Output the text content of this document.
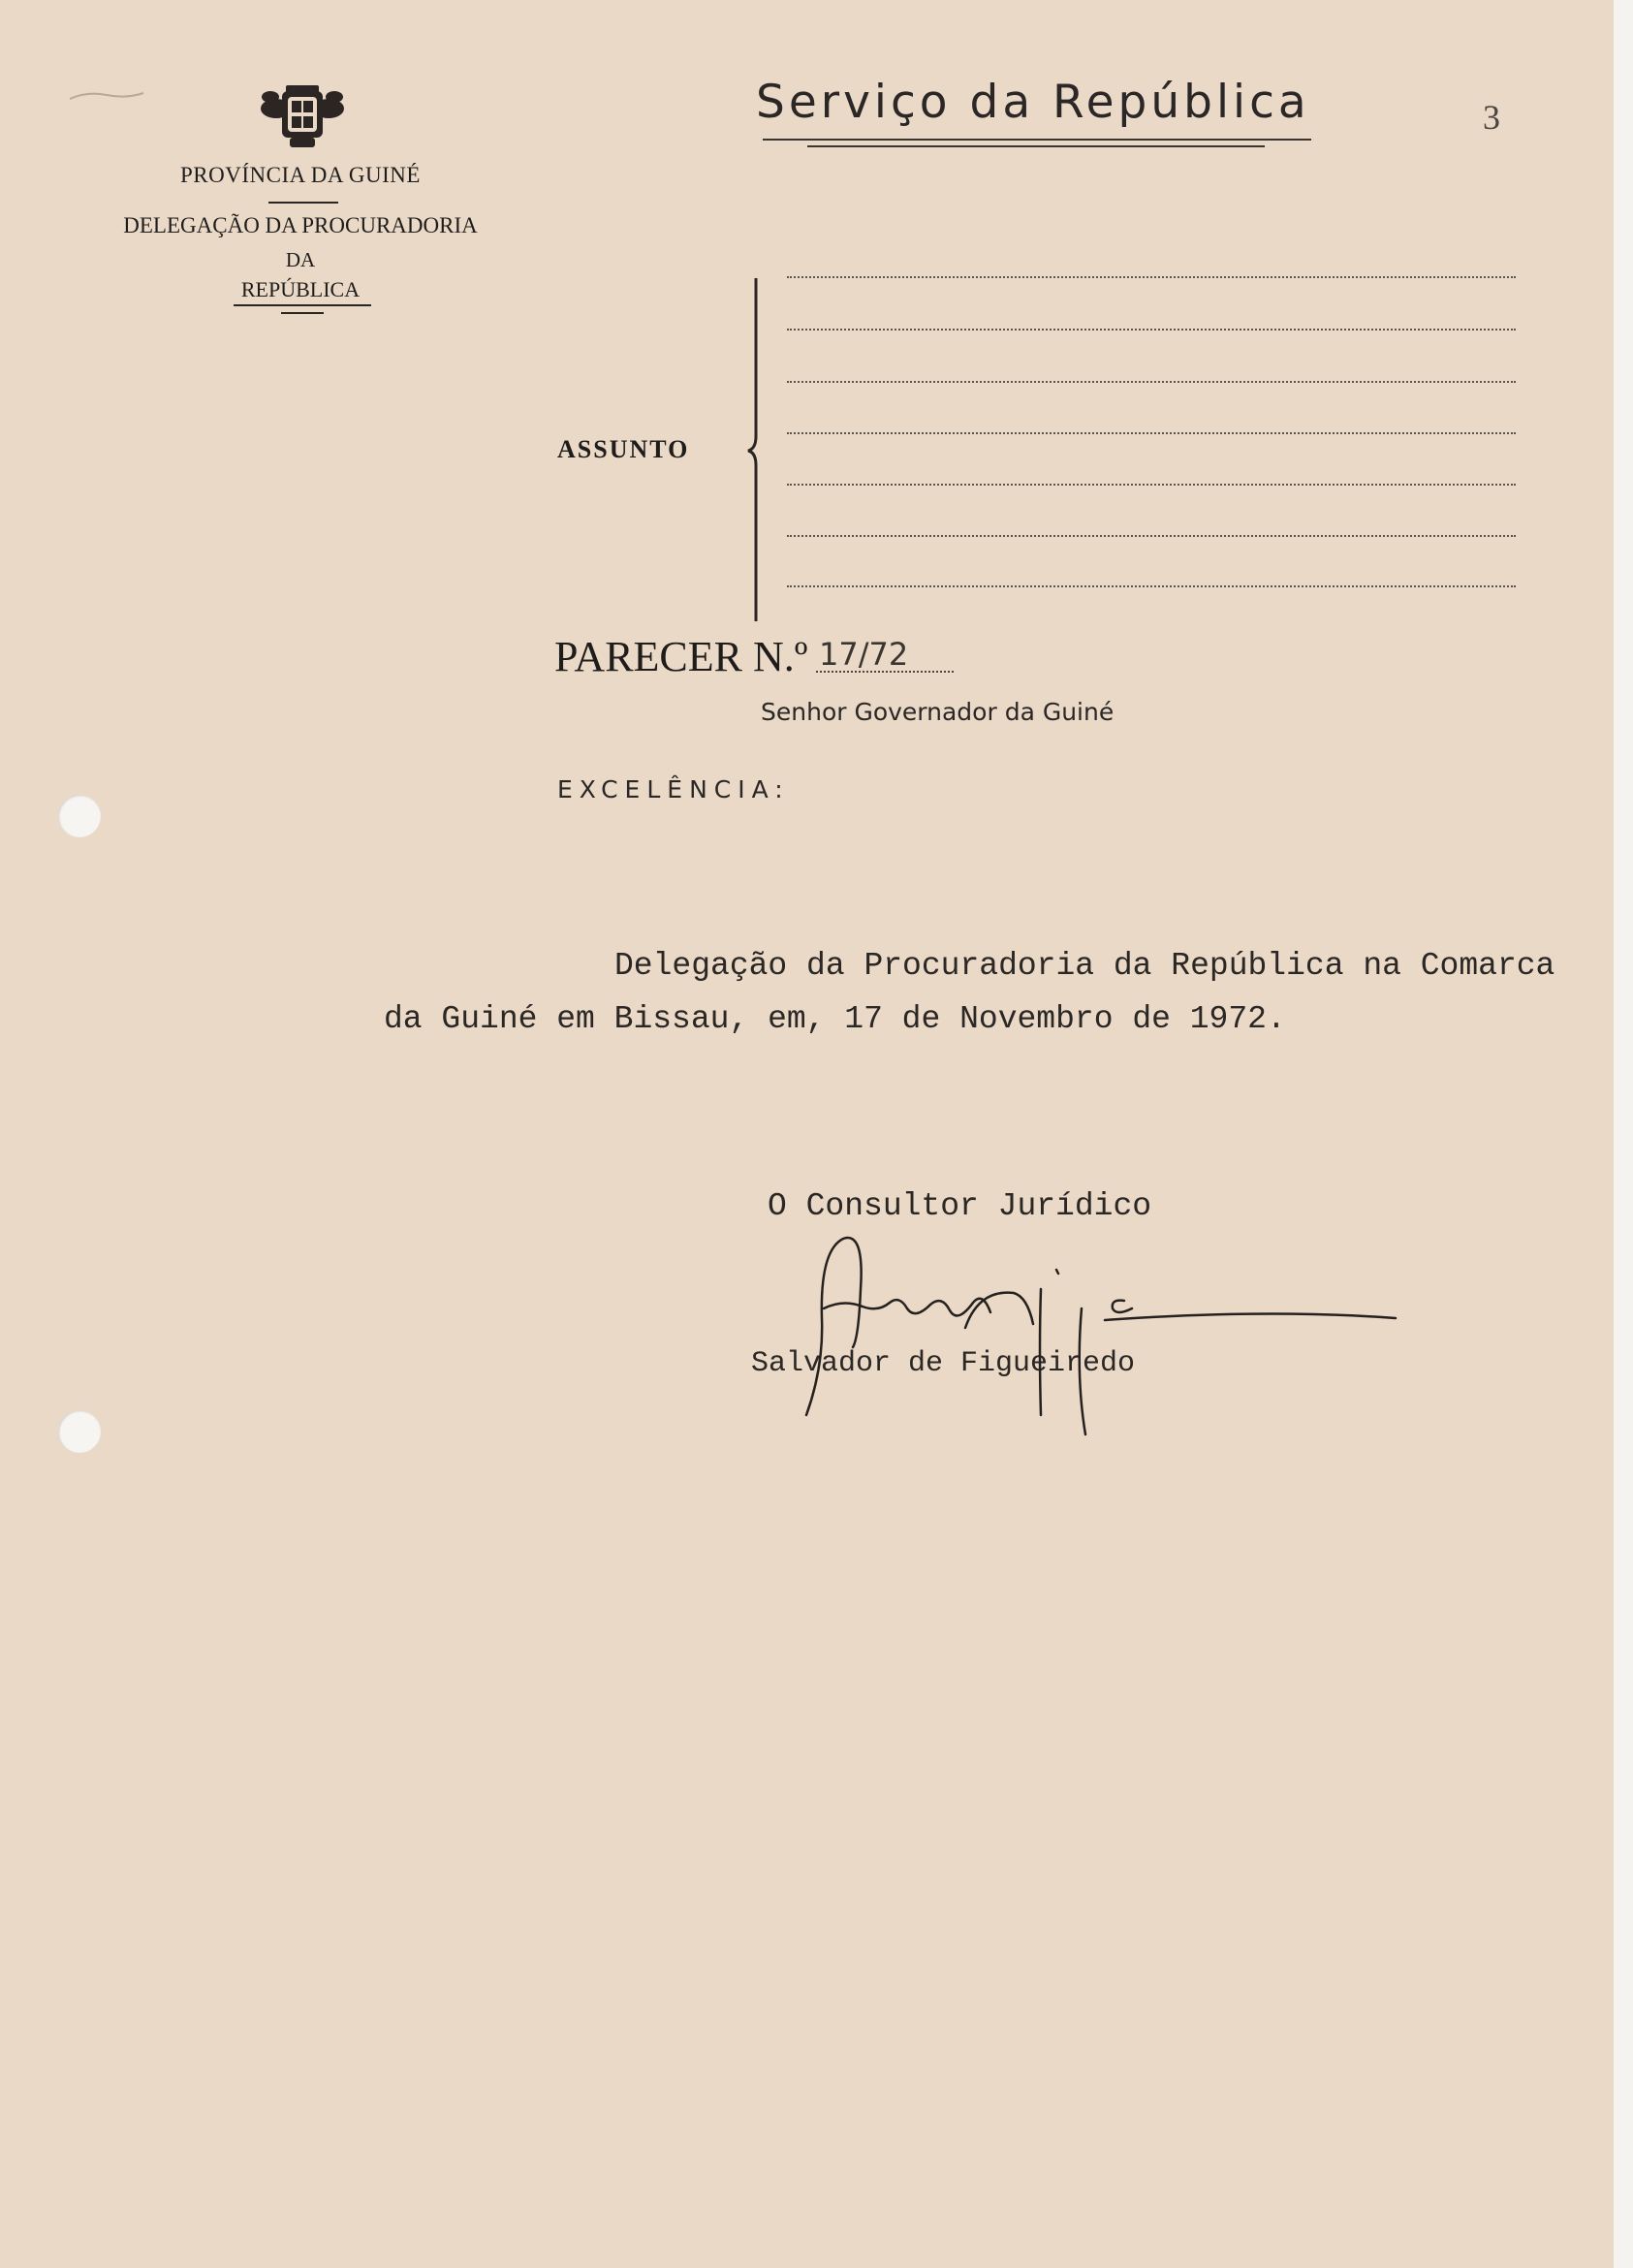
PROVÍNCIA DA GUINÉ
DELEGAÇÃO DA PROCURADORIA
DA
REPÚBLICA
Serviço da República	3
ASSUNTO
PARECER N.º 17/72
Senhor Governador da Guiné
EXCELÊNCIA:
Delegação da Procuradoria da República na Comarca
da Guiné em Bissau, em, 17 de Novembro de 1972.
O Consultor Jurídico
Salvador de Figueiredo
